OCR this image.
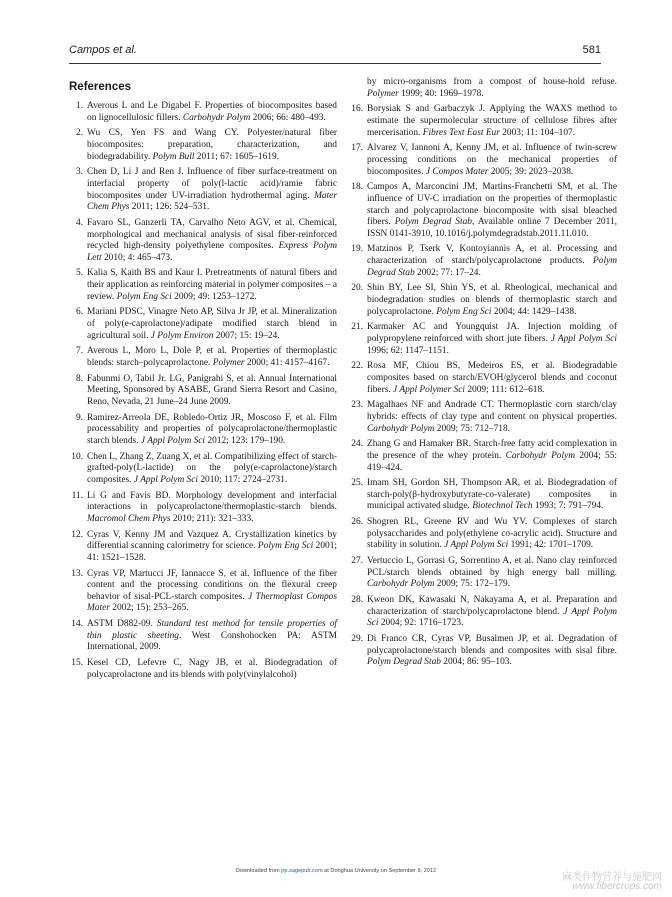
Campos et al.	581
References
1. Averous L and Le Digabel F. Properties of biocomposites based on lignocellulosic fillers. Carbohydr Polym 2006; 66: 480–493.
2. Wu CS, Yen FS and Wang CY. Polyester/natural fiber biocomposites: preparation, characterization, and biodegradability. Polym Bull 2011; 67: 1605–1619.
3. Chen D, Li J and Ren J. Influence of fiber surface-treatment on interfacial property of poly(l-lactic acid)/ramie fabric biocomposites under UV-irradiation hydrothermal aging. Mater Chem Phys 2011; 126: 524–531.
4. Favaro SL, Ganzerli TA, Carvalho Neto AGV, et al. Chemical, morphological and mechanical analysis of sisal fiber-reinforced recycled high-density polyethylene composites. Express Polym Lett 2010; 4: 465–473.
5. Kalia S, Kaith BS and Kaur I. Pretreatments of natural fibers and their application as reinforcing material in polymer composites – a review. Polym Eng Sci 2009; 49: 1253–1272.
6. Mariani PDSC, Vinagre Neto AP, Silva Jr JP, et al. Mineralization of poly(e-caprolactone)/adipate modified starch blend in agricultural soil. J Polym Environ 2007; 15: 19–24.
7. Averous L, Moro L, Dole P, et al. Properties of thermoplastic blends: starch–polycaprolactone. Polymer 2000; 41: 4157–4167.
8. Fabunmi O, Tabil Jr. LG, Panigrahi S, et al. Annual International Meeting, Sponsored by ASABE, Grand Sierra Resort and Casino, Reno, Nevada, 21 June–24 June 2009.
9. Ramirez-Arreola DE, Robledo-Ortiz JR, Moscoso F, et al. Film processability and properties of polycaprolactone/thermoplastic starch blends. J Appl Polym Sci 2012; 123: 179–190.
10. Chen L, Zhang Z, Zuang X, et al. Compatibilizing effect of starch-grafted-poly(L-lactide) on the poly(e-caprolactone)/starch composites. J Appl Polym Sci 2010; 117: 2724–2731.
11. Li G and Favis BD. Morphology development and interfacial interactions in polycaprolactone/thermoplastic-starch blends. Macromol Chem Phys 2010; 211): 321–333.
12. Cyras V, Kenny JM and Vazquez A. Crystallization kinetics by differential scanning calorimetry for science. Polym Eng Sci 2001; 41: 1521–1528.
13. Cyras VP, Martucci JF, Iannacce S, et al. Influence of the fiber content and the processing conditions on the flexural creep behavior of sisal-PCL-starch composites. J Thermoplast Compos Mater 2002; 15): 253–265.
14. ASTM D882-09. Standard test method for tensile properties of thin plastic sheeting. West Conshohocken PA: ASTM International, 2009.
15. Kesel CD, Lefevre C, Nagy JB, et al. Biodegradation of polycaprolactone and its blends with poly(vinylalcohol)
by micro-organisms from a compost of house-hold refuse. Polymer 1999; 40: 1969–1978.
16. Borysiak S and Garbaczyk J. Applying the WAXS method to estimate the supermolecular structure of cellulose fibres after mercerisation. Fibres Text East Eur 2003; 11: 104–107.
17. Alvarez V, Iannoni A, Kenny JM, et al. Influence of twin-screw processing conditions on the mechanical properties of biocomposites. J Compos Mater 2005; 39: 2023–2038.
18. Campos A, Marconcini JM, Martins-Franchetti SM, et al. The influence of UV-C irradiation on the properties of thermoplastic starch and polycaprolactone biocomposite with sisal bleached fibers. Polym Degrad Stab, Available online 7 December 2011, ISSN 0141-3910, 10.1016/j.polymdegradstab.2011.11.010.
19. Matzinos P, Tserk V, Kontoyiannis A, et al. Processing and characterization of starch/polycaprolactone products. Polym Degrad Stab 2002; 77: 17–24.
20. Shin BY, Lee SI, Shin YS, et al. Rheological, mechanical and biodegradation studies on blends of thermoplastic starch and polycaprolactone. Polym Eng Sci 2004; 44: 1429–1438.
21. Karmaker AC and Youngquist JA. Injection molding of polypropylene reinforced with short jute fibers. J Appl Polym Sci 1996; 62: 1147–1151.
22. Rosa MF, Chiou BS, Medeiros ES, et al. Biodegradable composites based on starch/EVOH/glycerol blends and coconut fibers. J Appl Polymer Sci 2009; 111: 612–618.
23. Magalhaes NF and Andrade CT. Thermoplastic corn starch/clay hybrids: effects of clay type and content on physical properties. Carbohydr Polym 2009; 75: 712–718.
24. Zhang G and Hamaker BR. Starch-free fatty acid complexation in the presence of the whey protein. Carbohydr Polym 2004; 55: 419–424.
25. Imam SH, Gordon SH, Thompson AR, et al. Biodegradation of starch-poly(β-hydroxybutyrate-co-valerate) composites in municipal activated sludge. Biotechnol Tech 1993; 7: 791–794.
26. Shogren RL, Greene RV and Wu YV. Complexes of starch polysaccharides and poly(ethylene co-acrylic acid). Structure and stability in solution. J Appl Polym Sci 1991; 42: 1701–1709.
27. Vertuccio L, Gorrasi G, Sorrentino A, et al. Nano clay reinforced PCL/starch blends obtained by high energy ball milling. Carbohydr Polym 2009; 75: 172–179.
28. Kweon DK, Kawasaki N, Nakayama A, et al. Preparation and characterization of starch/polycaprolactone blend. J Appl Polym Sci 2004; 92: 1716–1723.
29. Di Franco CR, Cyras VP, Busalmen JP, et al. Degradation of polycaprolactone/starch blends and composites with sisal fibre. Polym Degrad Stab 2004; 86: 95–103.
Downloaded from jrp.sagepub.com at Donghua University on September 9, 2012
麻类作物营养与施肥网
www.fibercrops.com
